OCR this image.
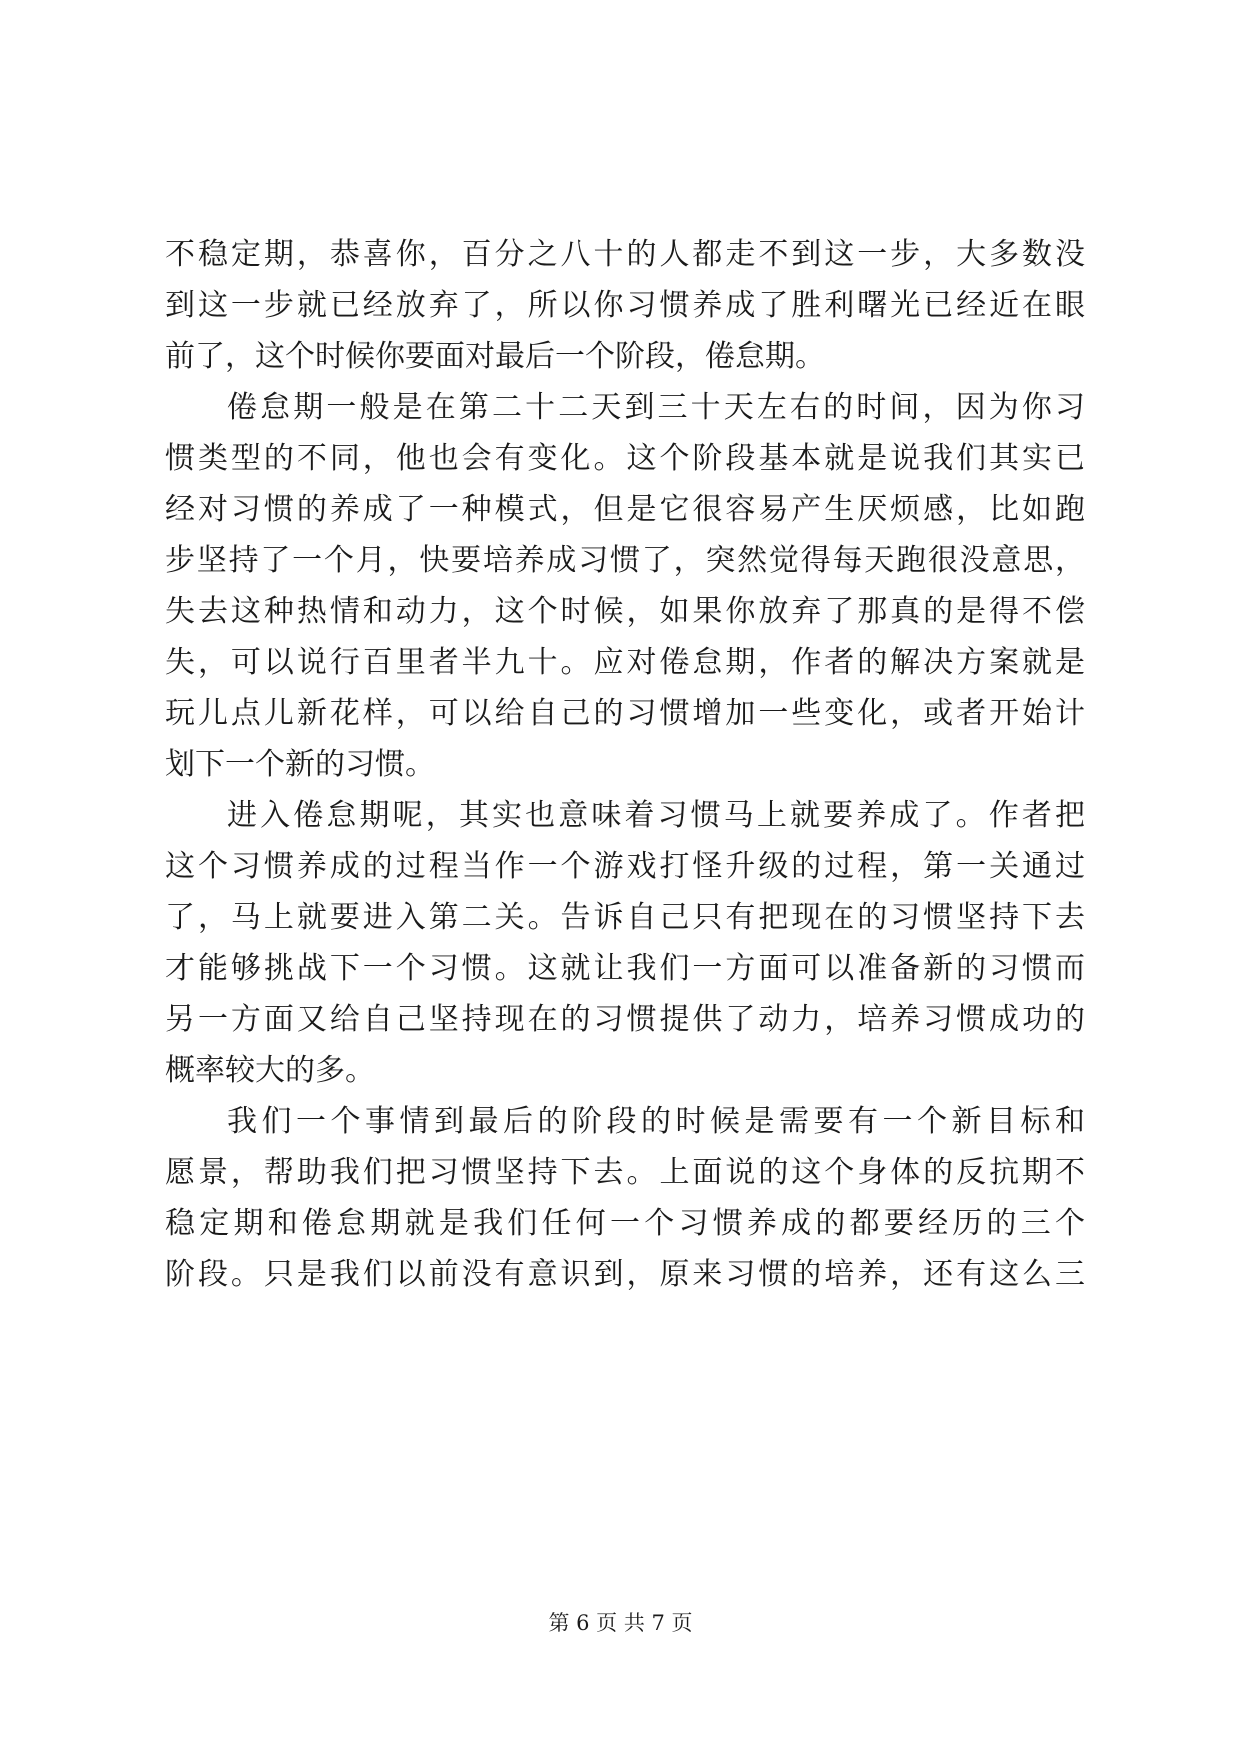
不稳定期，恭喜你，百分之八十的人都走不到这一步，大多数没
到这一步就已经放弃了，所以你习惯养成了胜利曙光已经近在眼
前了，这个时候你要面对最后一个阶段，倦怠期。
倦怠期一般是在第二十二天到三十天左右的时间，因为你习
惯类型的不同，他也会有变化。这个阶段基本就是说我们其实已
经对习惯的养成了一种模式，但是它很容易产生厌烦感，比如跑
步坚持了一个月，快要培养成习惯了，突然觉得每天跑很没意思，
失去这种热情和动力，这个时候，如果你放弃了那真的是得不偿
失，可以说行百里者半九十。应对倦怠期，作者的解决方案就是
玩儿点儿新花样，可以给自己的习惯增加一些变化，或者开始计
划下一个新的习惯。
进入倦怠期呢，其实也意味着习惯马上就要养成了。作者把
这个习惯养成的过程当作一个游戏打怪升级的过程，第一关通过
了，马上就要进入第二关。告诉自己只有把现在的习惯坚持下去
才能够挑战下一个习惯。这就让我们一方面可以准备新的习惯而
另一方面又给自己坚持现在的习惯提供了动力，培养习惯成功的
概率较大的多。
我们一个事情到最后的阶段的时候是需要有一个新目标和
愿景，帮助我们把习惯坚持下去。上面说的这个身体的反抗期不
稳定期和倦怠期就是我们任何一个习惯养成的都要经历的三个
阶段。只是我们以前没有意识到，原来习惯的培养，还有这么三
第 6 页 共 7 页
